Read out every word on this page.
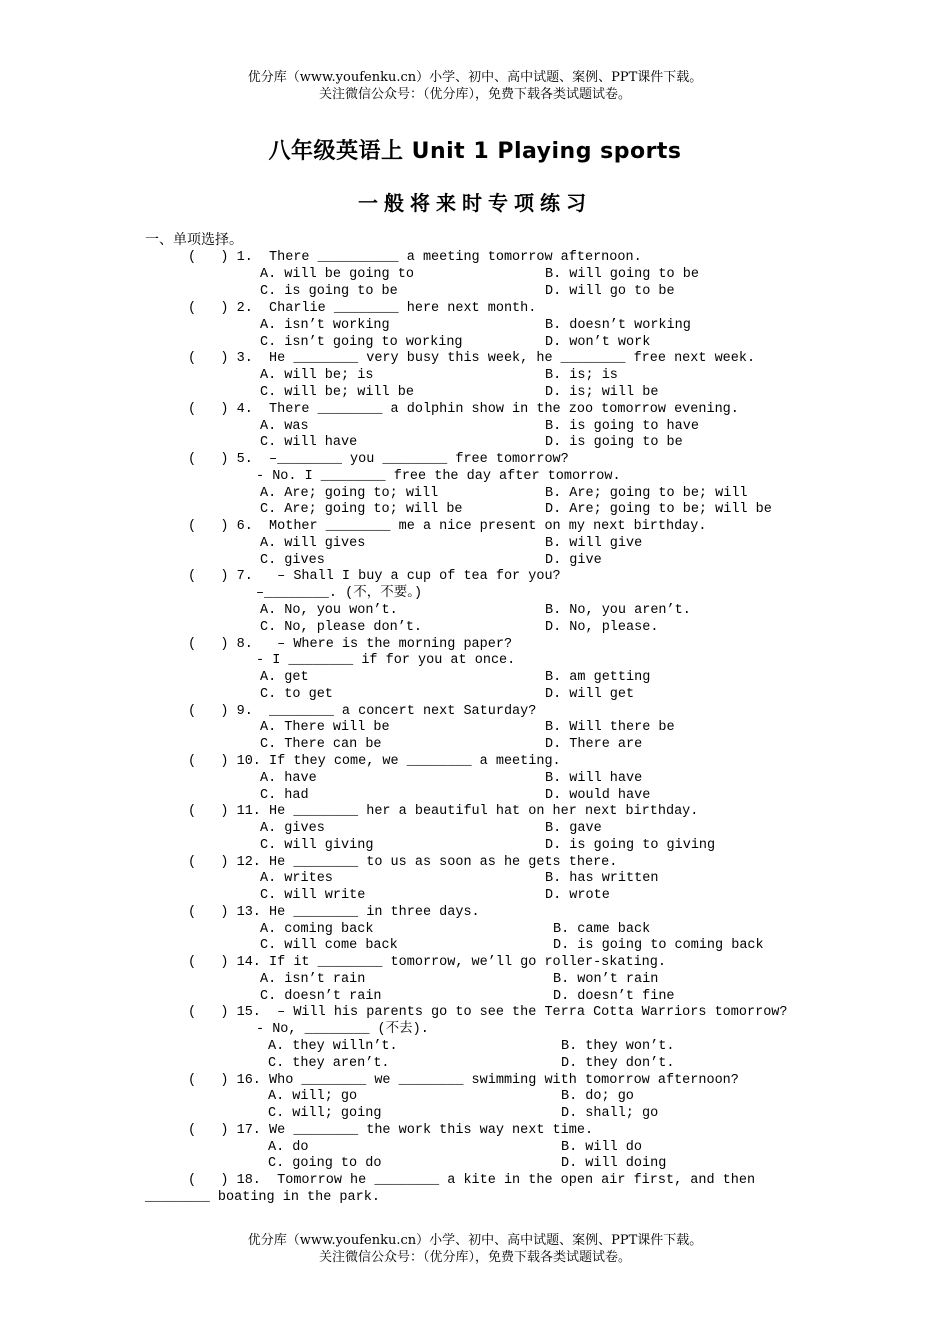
优分库（www.youfenku.cn）小学、初中、高中试题、案例、PPT课件下载。
关注微信公众号：（优分库），免费下载各类试题试卷。
八年级英语上 Unit 1 Playing sports
一般将来时专项练习
一、单项选择。
(   ) 1.  There __________ a meeting tomorrow afternoon.
A. will be going to	B. will going to be
C. is going to be	D. will go to be
(   ) 2.  Charlie ________ here next month.
A. isn’t working	B. doesn’t working
C. isn’t going to working	D. won’t work
(   ) 3.  He ________ very busy this week, he ________ free next week.
A. will be; is	B. is; is
C. will be; will be	D. is; will be
(   ) 4.  There ________ a dolphin show in the zoo tomorrow evening.
A. was	B. is going to have
C. will have	D. is going to be
(   ) 5.  –________ you ________ free tomorrow?
- No. I ________ free the day after tomorrow.
A. Are; going to; will	B. Are; going to be; will
C. Are; going to; will be	D. Are; going to be; will be
(   ) 6.  Mother ________ me a nice present on my next birthday.
A. will gives	B. will give
C. gives	D. give
(   ) 7.   – Shall I buy a cup of tea for you?
–________. (不，不要。)
A. No, you won’t.	B. No, you aren’t.
C. No, please don’t.	D. No, please.
(   ) 8.   – Where is the morning paper?
- I ________ if for you at once.
A. get	B. am getting
C. to get	D. will get
(   ) 9.  ________ a concert next Saturday?
A. There will be	B. Will there be
C. There can be	D. There are
(   ) 10. If they come, we ________ a meeting.
A. have	B. will have
C. had	D. would have
(   ) 11. He ________ her a beautiful hat on her next birthday.
A. gives	B. gave
C. will giving	D. is going to giving
(   ) 12. He ________ to us as soon as he gets there.
A. writes	B. has written
C. will write	D. wrote
(   ) 13. He ________ in three days.
A. coming back	B. came back
C. will come back	D. is going to coming back
(   ) 14. If it ________ tomorrow, we’ll go roller-skating.
A. isn’t rain	B. won’t rain
C. doesn’t rain	D. doesn’t fine
(   ) 15.  – Will his parents go to see the Terra Cotta Warriors tomorrow?
- No, ________ (不去).
A. they willn’t.	B. they won’t.
C. they aren’t.	D. they don’t.
(   ) 16. Who ________ we ________ swimming with tomorrow afternoon?
A. will; go	B. do; go
C. will; going	D. shall; go
(   ) 17. We ________ the work this way next time.
A. do	B. will do
C. going to do	D. will doing
(   ) 18.  Tomorrow he ________ a kite in the open air first, and then
________ boating in the park.
优分库（www.youfenku.cn）小学、初中、高中试题、案例、PPT课件下载。
关注微信公众号：（优分库），免费下载各类试题试卷。
